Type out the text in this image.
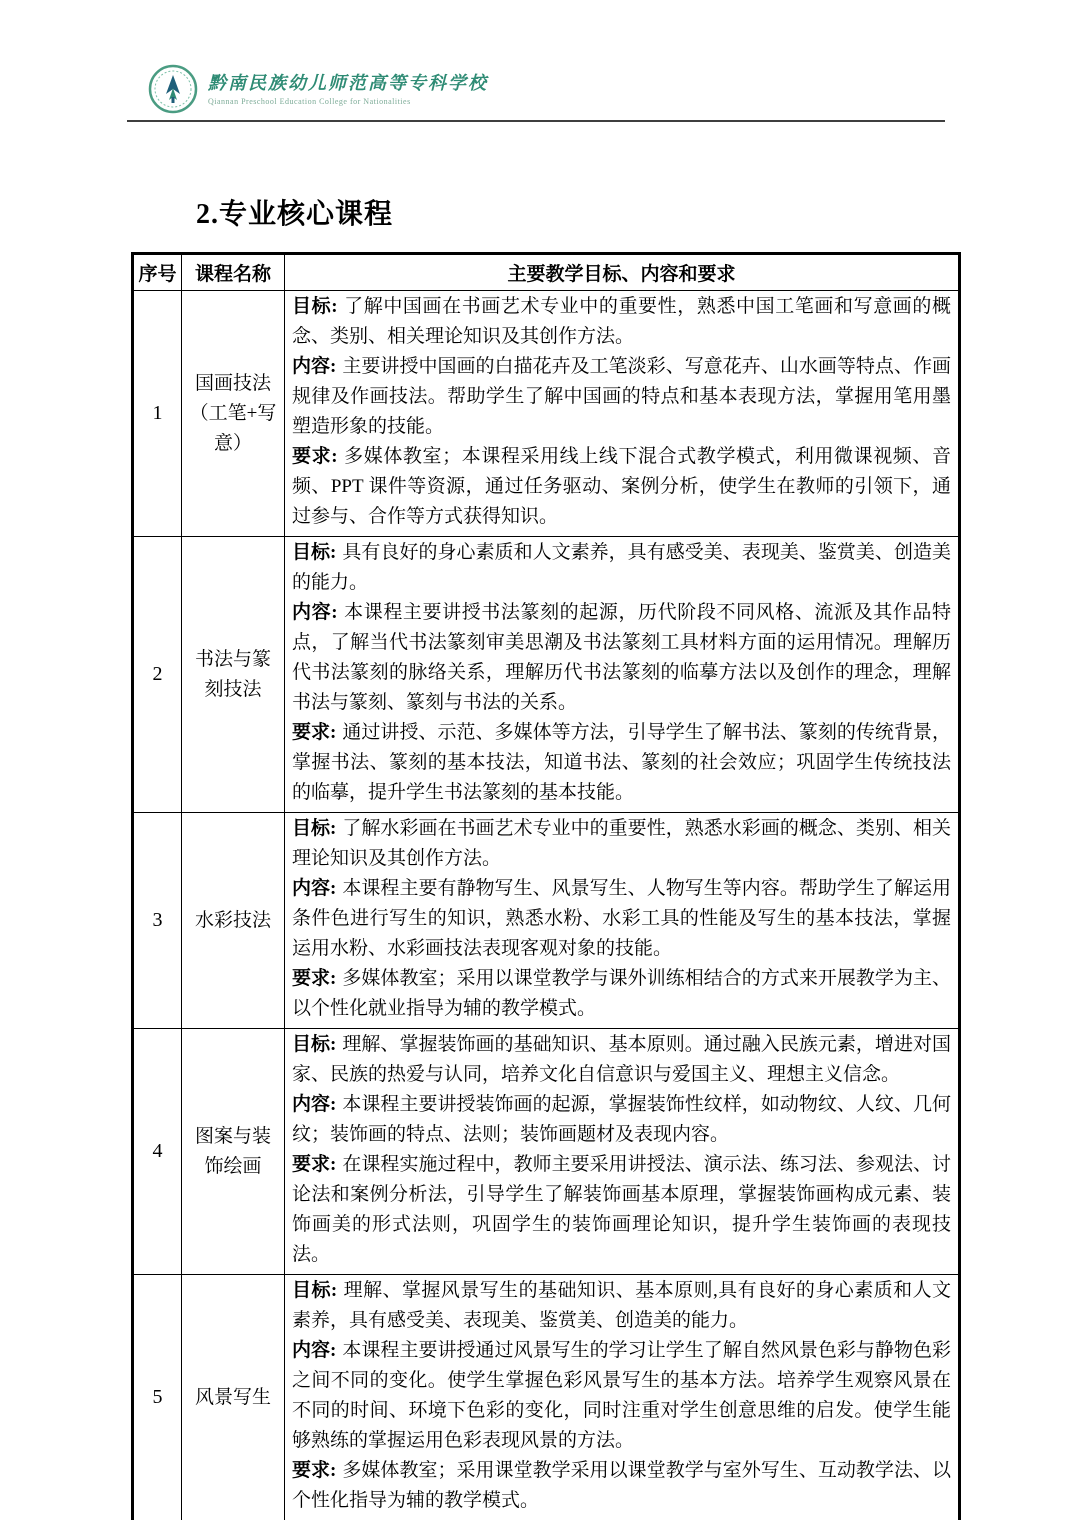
黔南民族幼儿师范高等专科学校
Qiannan Preschool Education College for Nationalities
2.专业核心课程
序号	课程名称	主要教学目标、内容和要求
1	国画技法（工笔+写意）	目标: 了解中国画在书画艺术专业中的重要性，熟悉中国工笔画和写意画的概念、类别、相关理论知识及其创作方法。
内容: 主要讲授中国画的白描花卉及工笔淡彩、写意花卉、山水画等特点、作画规律及作画技法。帮助学生了解中国画的特点和基本表现方法，掌握用笔用墨塑造形象的技能。
要求: 多媒体教室；本课程采用线上线下混合式教学模式，利用微课视频、音频、PPT 课件等资源，通过任务驱动、案例分析，使学生在教师的引领下，通过参与、合作等方式获得知识。

2	书法与篆刻技法	目标: 具有良好的身心素质和人文素养，具有感受美、表现美、鉴赏美、创造美的能力。
内容: 本课程主要讲授书法篆刻的起源，历代阶段不同风格、流派及其作品特点，了解当代书法篆刻审美思潮及书法篆刻工具材料方面的运用情况。理解历代书法篆刻的脉络关系，理解历代书法篆刻的临摹方法以及创作的理念，理解书法与篆刻、篆刻与书法的关系。
要求: 通过讲授、示范、多媒体等方法，引导学生了解书法、篆刻的传统背景，掌握书法、篆刻的基本技法，知道书法、篆刻的社会效应；巩固学生传统技法的临摹，提升学生书法篆刻的基本技能。

3	水彩技法	目标: 了解水彩画在书画艺术专业中的重要性，熟悉水彩画的概念、类别、相关理论知识及其创作方法。
内容: 本课程主要有静物写生、风景写生、人物写生等内容。帮助学生了解运用条件色进行写生的知识，熟悉水粉、水彩工具的性能及写生的基本技法，掌握运用水粉、水彩画技法表现客观对象的技能。
要求: 多媒体教室；采用以课堂教学与课外训练相结合的方式来开展教学为主、以个性化就业指导为辅的教学模式。

4	图案与装饰绘画	目标: 理解、掌握装饰画的基础知识、基本原则。通过融入民族元素，增进对国家、民族的热爱与认同，培养文化自信意识与爱国主义、理想主义信念。
内容: 本课程主要讲授装饰画的起源，掌握装饰性纹样，如动物纹、人纹、几何纹；装饰画的特点、法则；装饰画题材及表现内容。
要求: 在课程实施过程中，教师主要采用讲授法、演示法、练习法、参观法、讨论法和案例分析法，引导学生了解装饰画基本原理，掌握装饰画构成元素、装饰画美的形式法则，巩固学生的装饰画理论知识，提升学生装饰画的表现技法。

5	风景写生	目标: 理解、掌握风景写生的基础知识、基本原则,具有良好的身心素质和人文素养，具有感受美、表现美、鉴赏美、创造美的能力。
内容: 本课程主要讲授通过风景写生的学习让学生了解自然风景色彩与静物色彩之间不同的变化。使学生掌握色彩风景写生的基本方法。培养学生观察风景在不同的时间、环境下色彩的变化，同时注重对学生创意思维的启发。使学生能够熟练的掌握运用色彩表现风景的方法。
要求: 多媒体教室；采用课堂教学采用以课堂教学与室外写生、互动教学法、以个性化指导为辅的教学模式。
